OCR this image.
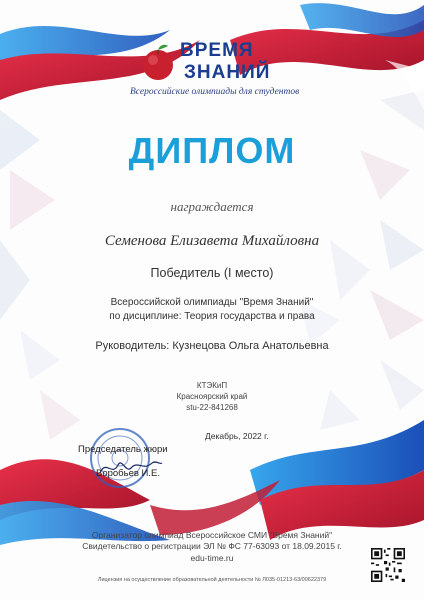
ВРЕМЯ
ЗНАНИЙ
Всероссийские олимпиады для студентов
ДИПЛОМ
награждается
Семенова Елизавета Михайловна
Победитель (I место)
Всероссийской олимпиады "Время Знаний"
по дисциплине: Теория государства и права
Руководитель: Кузнецова Ольга Анатольевна
КТЭКиП
Красноярский край
stu-22-841268
Декабрь, 2022 г.
Председатель жюри
Воробьев И.Е.
Организатор олимпиад Всероссийское СМИ "Время Знаний"
Свидетельство о регистрации ЭЛ № ФС 77-63093 от 18.09.2015 г.
edu-time.ru
Лицензия на осуществление образовательной деятельности № Л035-01213-63/00622379
